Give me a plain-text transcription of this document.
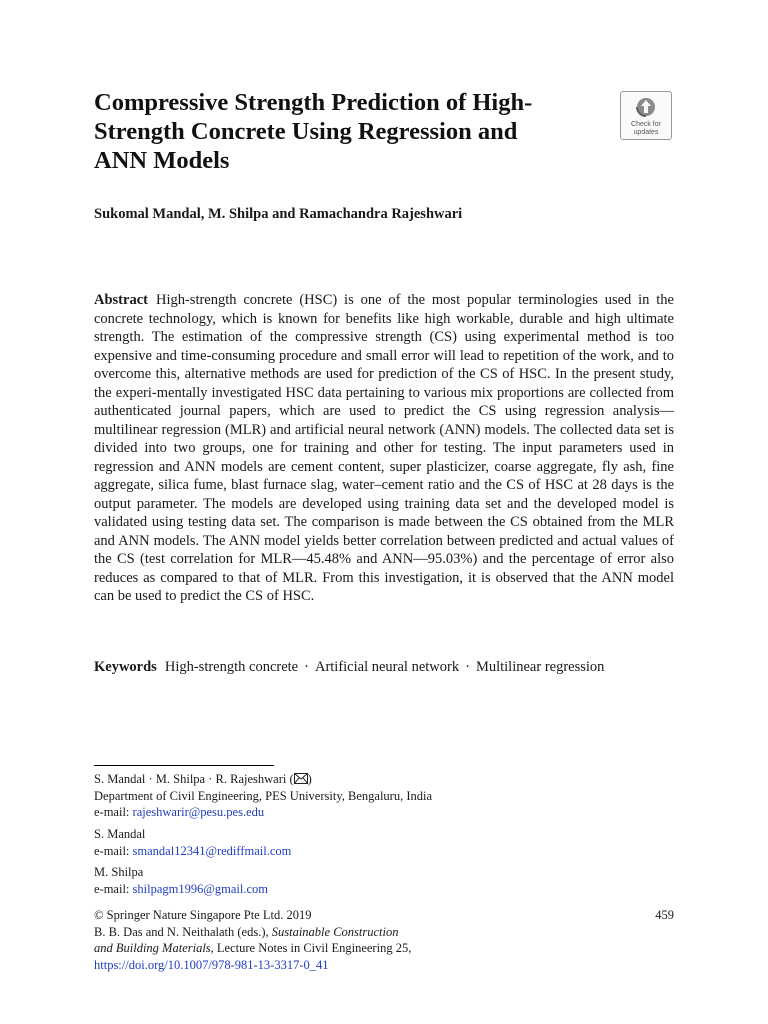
Compressive Strength Prediction of High-Strength Concrete Using Regression and ANN Models
Check for
updates
Sukomal Mandal, M. Shilpa and Ramachandra Rajeshwari
Abstract High-strength concrete (HSC) is one of the most popular terminologies used in the concrete technology, which is known for benefits like high workable, durable and high ultimate strength. The estimation of the compressive strength (CS) using experimental method is too expensive and time-consuming procedure and small error will lead to repetition of the work, and to overcome this, alternative methods are used for prediction of the CS of HSC. In the present study, the experi-mentally investigated HSC data pertaining to various mix proportions are collected from authenticated journal papers, which are used to predict the CS using regression analysis—multilinear regression (MLR) and artificial neural network (ANN) models. The collected data set is divided into two groups, one for training and other for testing. The input parameters used in regression and ANN models are cement content, super plasticizer, coarse aggregate, fly ash, fine aggregate, silica fume, blast furnace slag, water–cement ratio and the CS of HSC at 28 days is the output parameter. The models are developed using training data set and the developed model is validated using testing data set. The comparison is made between the CS obtained from the MLR and ANN models. The ANN model yields better correlation between predicted and actual values of the CS (test correlation for MLR—45.48% and ANN—95.03%) and the percentage of error also reduces as compared to that of MLR. From this investigation, it is observed that the ANN model can be used to predict the CS of HSC.
Keywords High-strength concrete · Artificial neural network · Multilinear regression
S. Mandal · M. Shilpa · R. Rajeshwari ( )
Department of Civil Engineering, PES University, Bengaluru, India
e-mail: rajeshwarir@pesu.pes.edu
S. Mandal
e-mail: smandal12341@rediffmail.com
M. Shilpa
e-mail: shilpagm1996@gmail.com
459
© Springer Nature Singapore Pte Ltd. 2019
B. B. Das and N. Neithalath (eds.), Sustainable Construction
and Building Materials, Lecture Notes in Civil Engineering 25,
https://doi.org/10.1007/978-981-13-3317-0_41
